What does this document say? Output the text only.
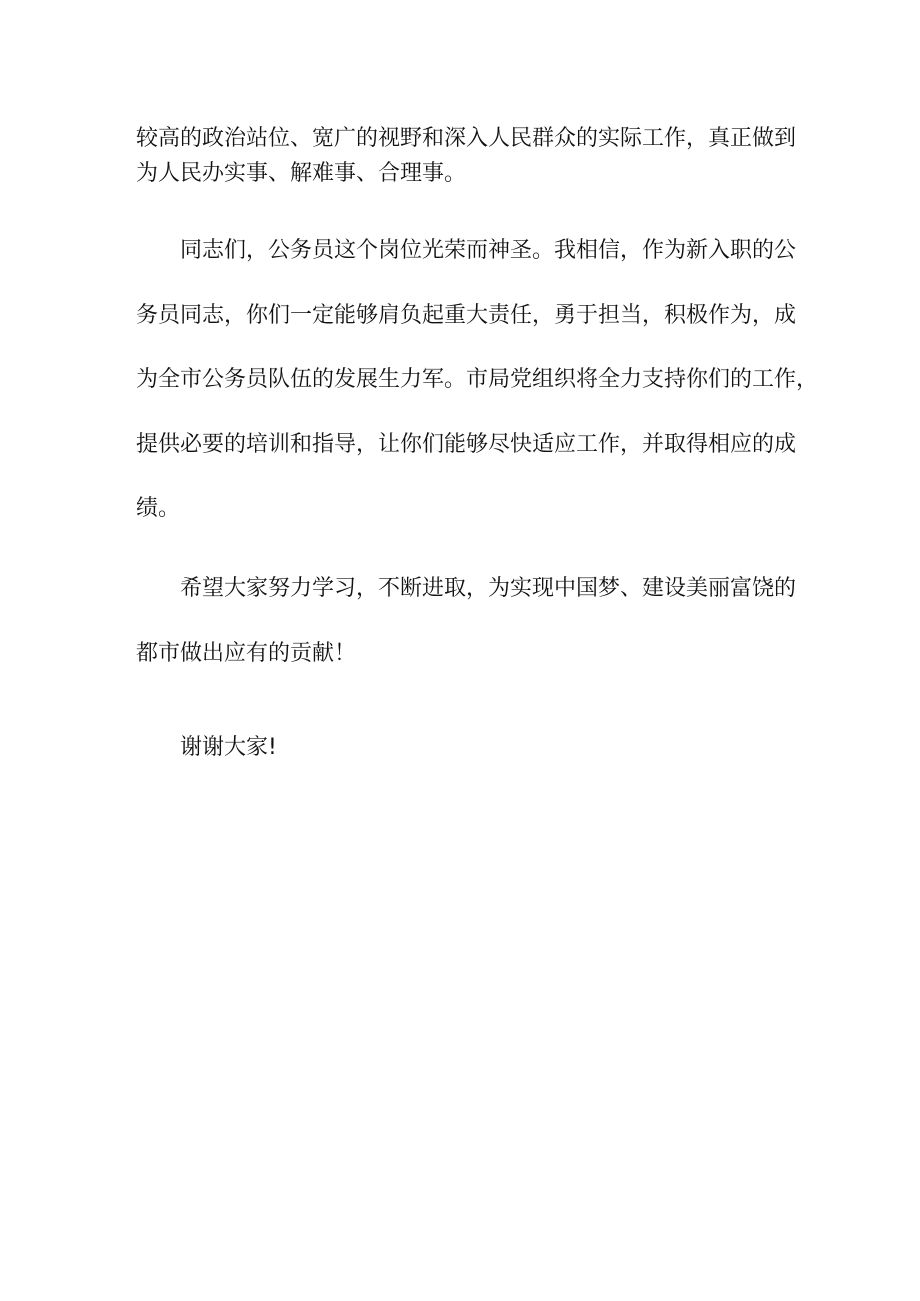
较高的政治站位、宽广的视野和深入人民群众的实际工作，真正做到
为人民办实事、解难事、合理事。
同志们，公务员这个岗位光荣而神圣。我相信，作为新入职的公
务员同志，你们一定能够肩负起重大责任，勇于担当，积极作为，成
为全市公务员队伍的发展生力军。市局党组织将全力支持你们的工作，
提供必要的培训和指导，让你们能够尽快适应工作，并取得相应的成
绩。
希望大家努力学习，不断进取，为实现中国梦、建设美丽富饶的
都市做出应有的贡献！
谢谢大家!
